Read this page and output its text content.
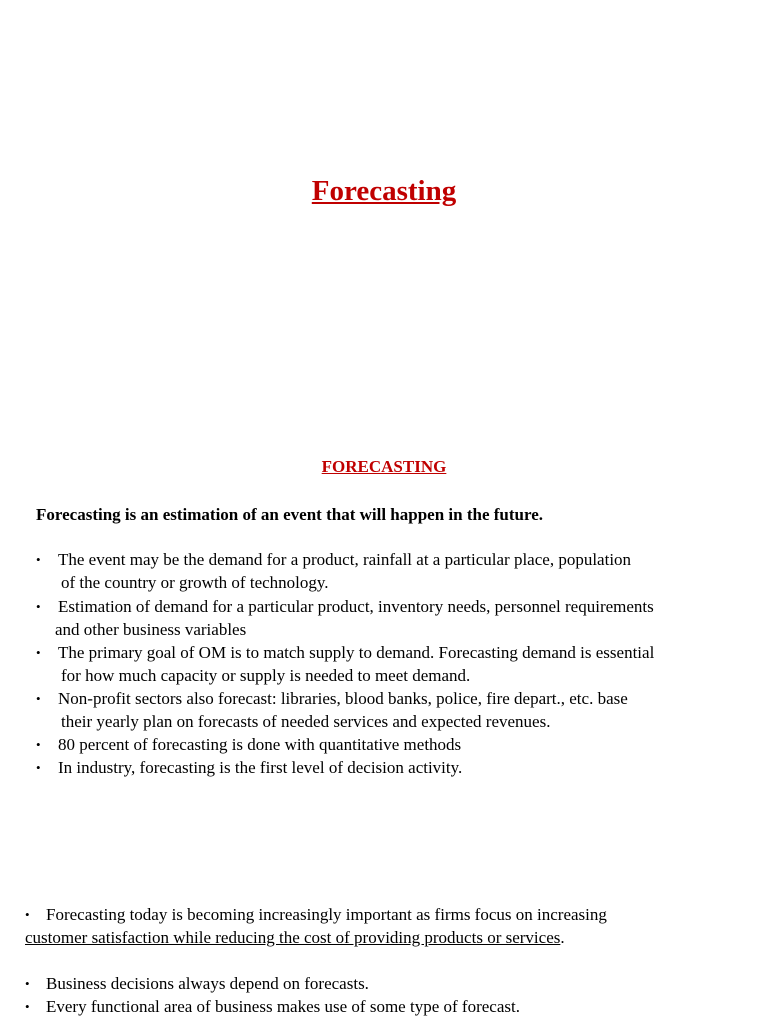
Forecasting
FORECASTING
Forecasting is an estimation of an event that will happen in the future.
• The event may be the demand for a product, rainfall at a particular place, population
of the country or growth of technology.
• Estimation of demand for a particular product, inventory needs, personnel requirements
and other business variables
• The primary goal of OM is to match supply to demand. Forecasting demand is essential
for how much capacity or supply is needed to meet demand.
• Non-profit sectors also forecast: libraries, blood banks, police, fire depart., etc. base
their yearly plan on forecasts of needed services and expected revenues.
• 80 percent of forecasting is done with quantitative methods
• In industry, forecasting is the first level of decision activity.
• Forecasting today is becoming increasingly important as firms focus on increasing
customer satisfaction while reducing the cost of providing products or services.
• Business decisions always depend on forecasts.
• Every functional area of business makes use of some type of forecast.
